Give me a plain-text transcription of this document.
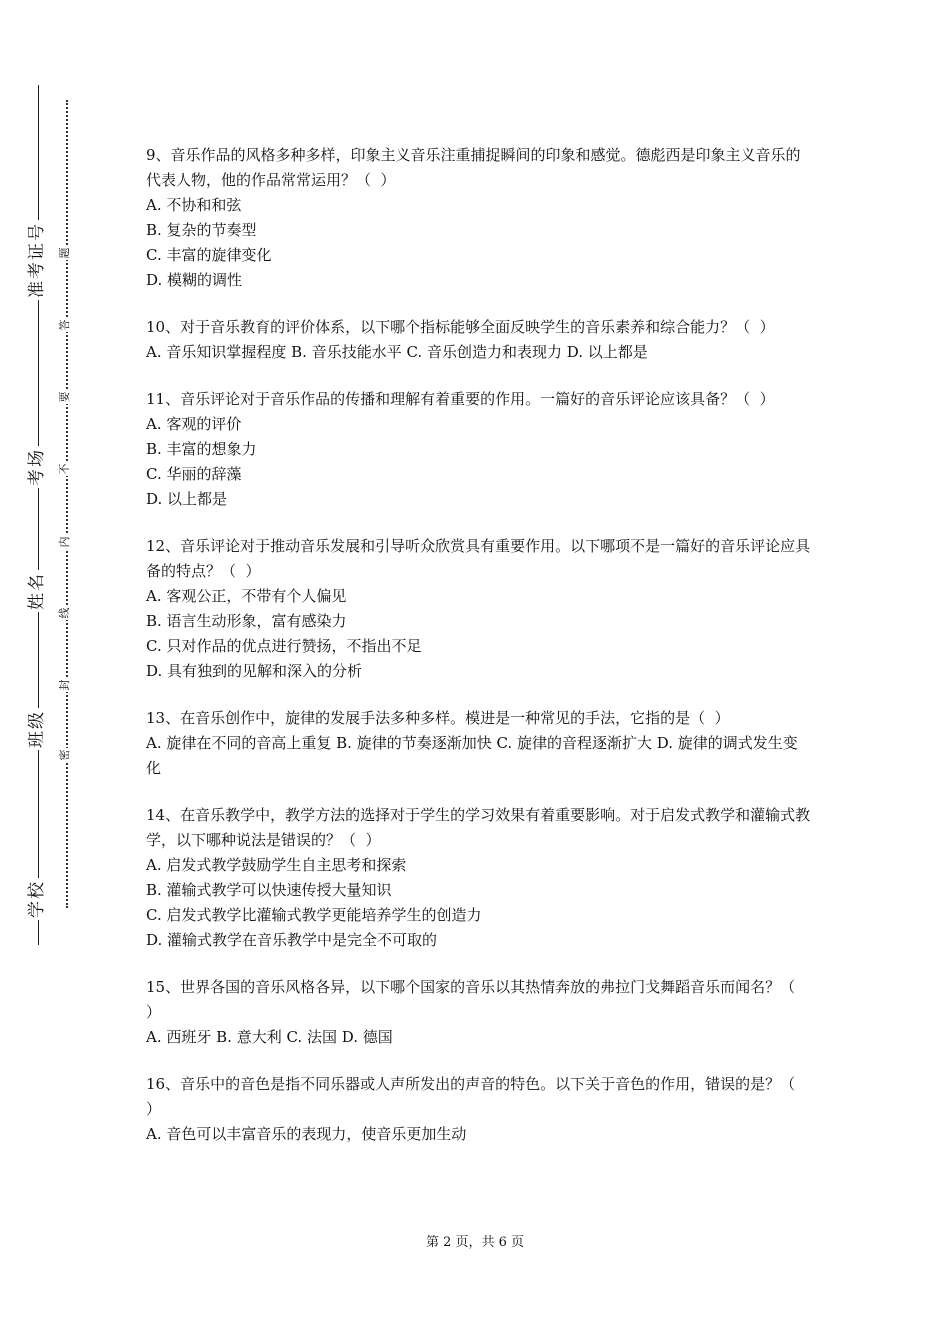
准考证号
考场
姓名
班级
学校
题
答
要
不
内
线
封
密
9、音乐作品的风格多种多样，印象主义音乐注重捕捉瞬间的印象和感觉。德彪西是印象主义音乐的代表人物，他的作品常常运用？（  ）
A. 不协和和弦
B. 复杂的节奏型
C. 丰富的旋律变化
D. 模糊的调性
10、对于音乐教育的评价体系，以下哪个指标能够全面反映学生的音乐素养和综合能力？（  ）
A. 音乐知识掌握程度 B. 音乐技能水平 C. 音乐创造力和表现力 D. 以上都是
11、音乐评论对于音乐作品的传播和理解有着重要的作用。一篇好的音乐评论应该具备？（  ）
A. 客观的评价
B. 丰富的想象力
C. 华丽的辞藻
D. 以上都是
12、音乐评论对于推动音乐发展和引导听众欣赏具有重要作用。以下哪项不是一篇好的音乐评论应具备的特点？（  ）
A. 客观公正，不带有个人偏见
B. 语言生动形象，富有感染力
C. 只对作品的优点进行赞扬，不指出不足
D. 具有独到的见解和深入的分析
13、在音乐创作中，旋律的发展手法多种多样。模进是一种常见的手法，它指的是（  ）
A. 旋律在不同的音高上重复 B. 旋律的节奏逐渐加快 C. 旋律的音程逐渐扩大 D. 旋律的调式发生变化
14、在音乐教学中，教学方法的选择对于学生的学习效果有着重要影响。对于启发式教学和灌输式教学，以下哪种说法是错误的？（  ）
A. 启发式教学鼓励学生自主思考和探索
B. 灌输式教学可以快速传授大量知识
C. 启发式教学比灌输式教学更能培养学生的创造力
D. 灌输式教学在音乐教学中是完全不可取的
15、世界各国的音乐风格各异，以下哪个国家的音乐以其热情奔放的弗拉门戈舞蹈音乐而闻名？（  ）
A. 西班牙 B. 意大利 C. 法国 D. 德国
16、音乐中的音色是指不同乐器或人声所发出的声音的特色。以下关于音色的作用，错误的是？（  ）
A. 音色可以丰富音乐的表现力，使音乐更加生动
第 2 页，共 6 页
